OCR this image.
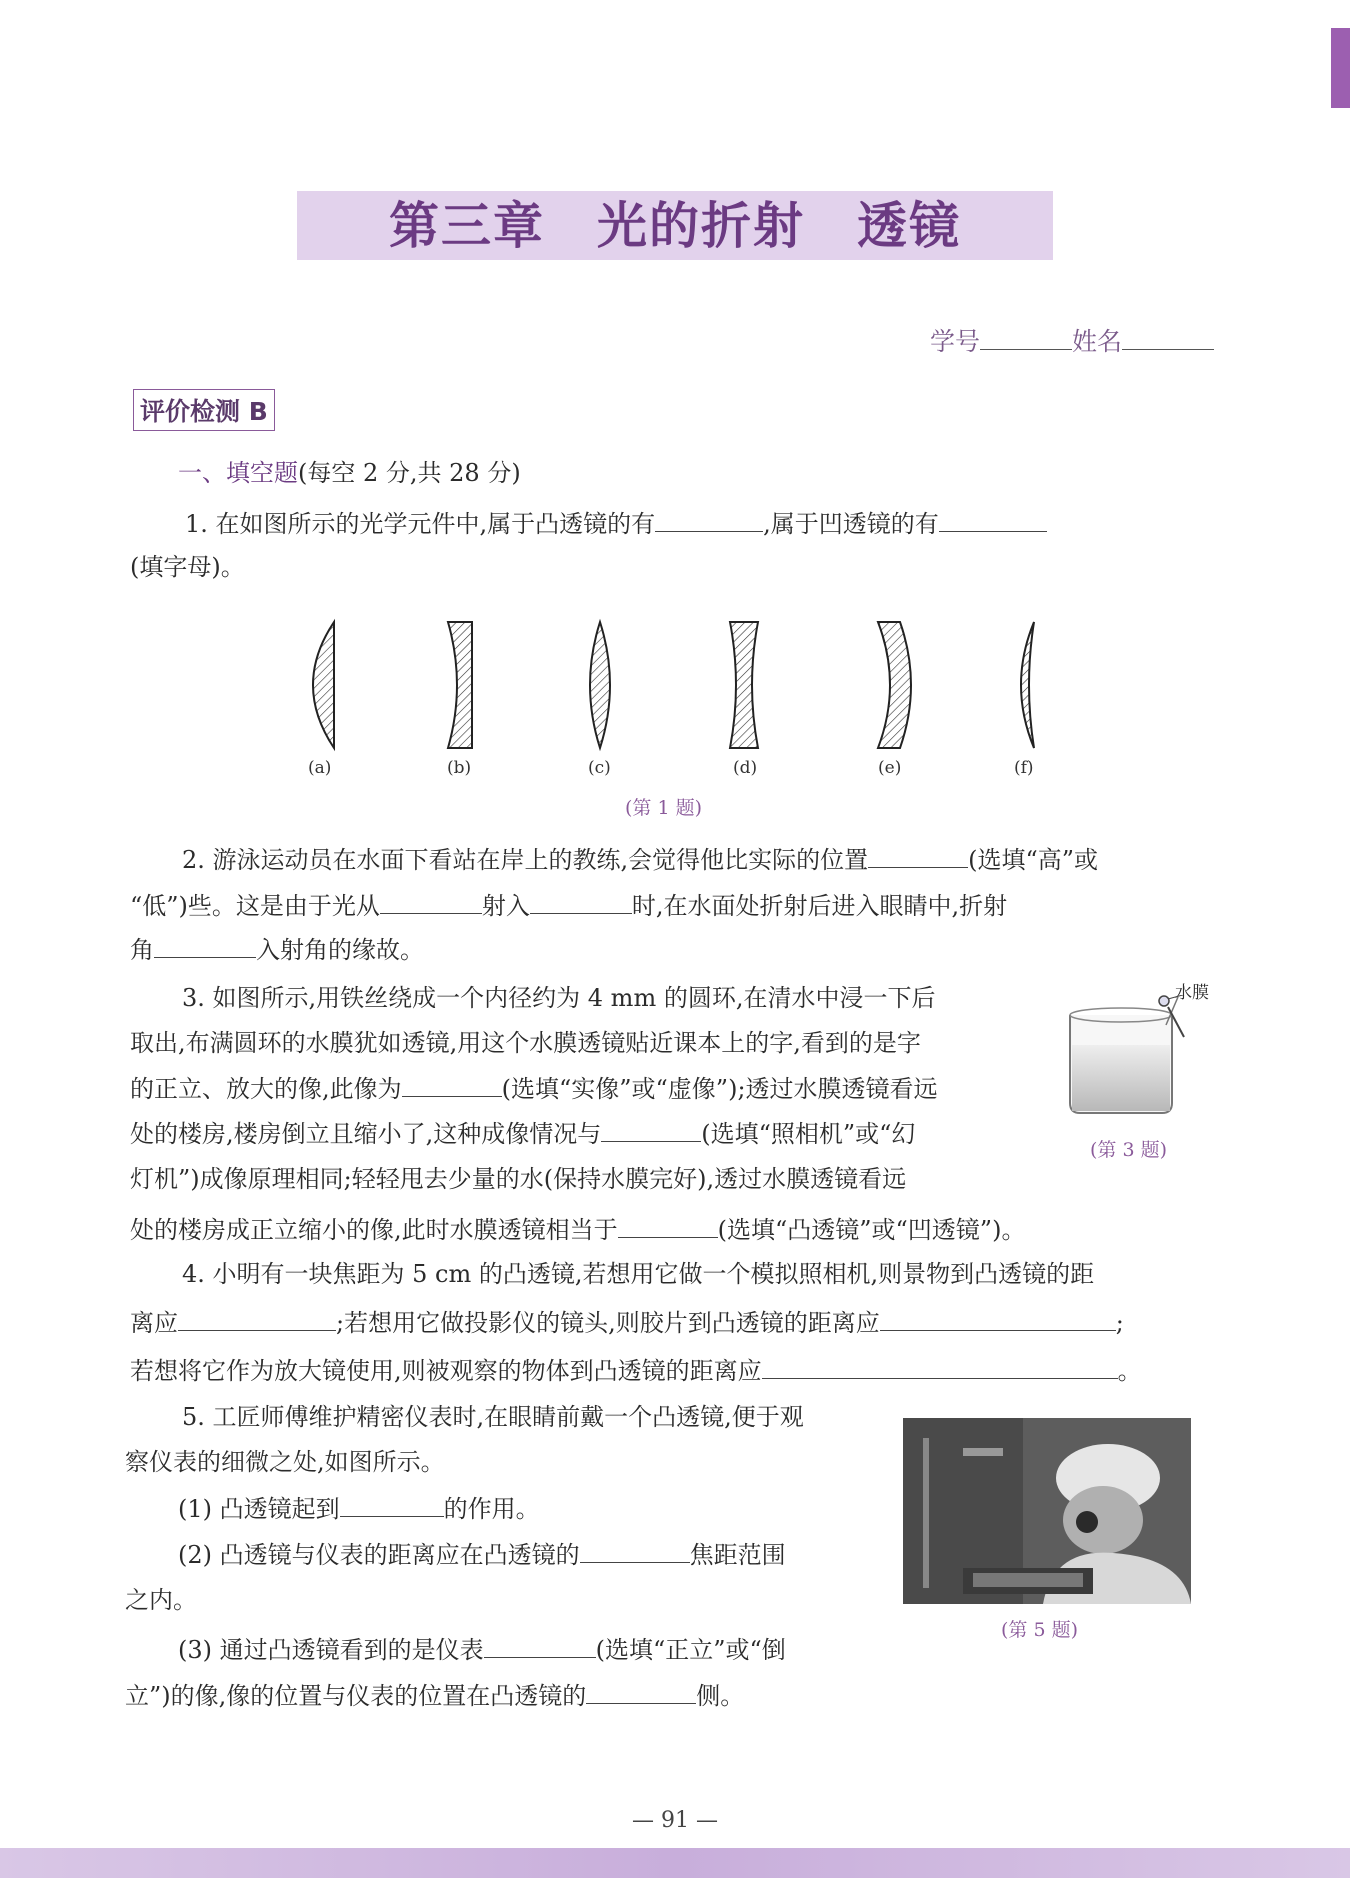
第三章　光的折射　透镜
学号	姓名
评价检测 B
一、填空题(每空 2 分,共 28 分)
1. 在如图所示的光学元件中,属于凸透镜的有	,属于凹透镜的有
(填字母)。
(a)	(b)	(c)	(d)	(e)	(f)
(第 1 题)
2. 游泳运动员在水面下看站在岸上的教练,会觉得他比实际的位置	(选填“高”或
“低”)些。这是由于光从	射入	时,在水面处折射后进入眼睛中,折射
角	入射角的缘故。
3. 如图所示,用铁丝绕成一个内径约为 4 mm 的圆环,在清水中浸一下后
取出,布满圆环的水膜犹如透镜,用这个水膜透镜贴近课本上的字,看到的是字
的正立、放大的像,此像为	(选填“实像”或“虚像”);透过水膜透镜看远
处的楼房,楼房倒立且缩小了,这种成像情况与	(选填“照相机”或“幻
灯机”)成像原理相同;轻轻甩去少量的水(保持水膜完好),透过水膜透镜看远
处的楼房成正立缩小的像,此时水膜透镜相当于	(选填“凸透镜”或“凹透镜”)。
水膜
(第 3 题)
4. 小明有一块焦距为 5 cm 的凸透镜,若想用它做一个模拟照相机,则景物到凸透镜的距
离应	;若想用它做投影仪的镜头,则胶片到凸透镜的距离应	;
若想将它作为放大镜使用,则被观察的物体到凸透镜的距离应	。
5. 工匠师傅维护精密仪表时,在眼睛前戴一个凸透镜,便于观
察仪表的细微之处,如图所示。
(1) 凸透镜起到	的作用。
(2) 凸透镜与仪表的距离应在凸透镜的	焦距范围
之内。
(3) 通过凸透镜看到的是仪表	(选填“正立”或“倒
立”)的像,像的位置与仪表的位置在凸透镜的	侧。
(第 5 题)
— 91 —
